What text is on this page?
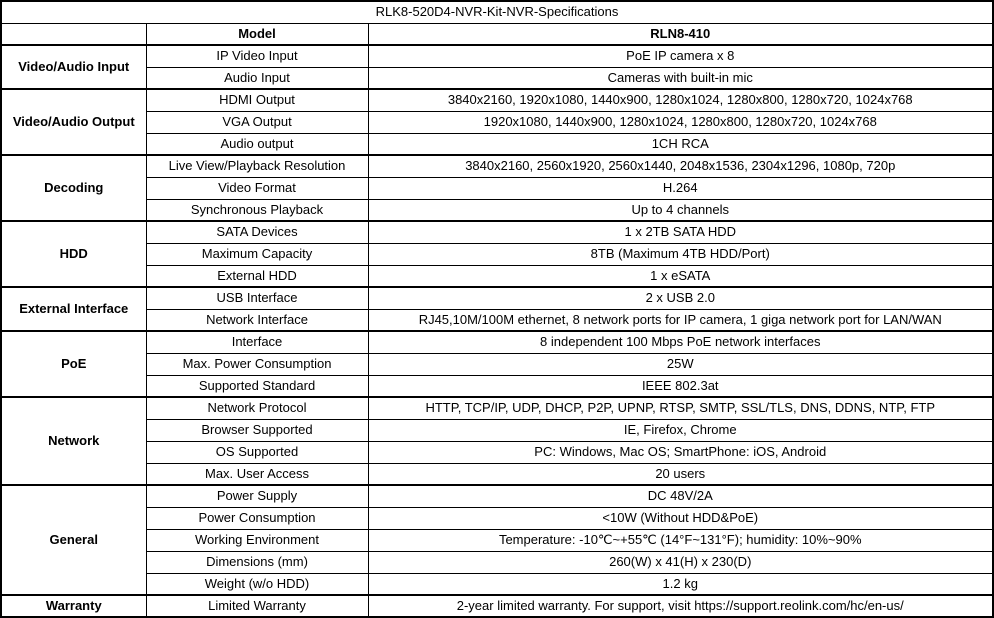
RLK8-520D4-NVR-Kit-NVR-Specifications		
	Model	RLN8-410
Video/Audio Input	IP Video Input	PoE IP camera x 8
	Audio Input	Cameras with built-in mic
Video/Audio Output	HDMI Output	3840x2160, 1920x1080, 1440x900, 1280x1024, 1280x800, 1280x720, 1024x768
	VGA Output	1920x1080, 1440x900, 1280x1024, 1280x800, 1280x720, 1024x768
	Audio output	1CH RCA
Decoding	Live View/Playback Resolution	3840x2160, 2560x1920, 2560x1440, 2048x1536, 2304x1296, 1080p, 720p
	Video Format	H.264
	Synchronous Playback	Up to 4 channels
HDD	SATA Devices	1 x 2TB SATA HDD
	Maximum Capacity	8TB (Maximum 4TB HDD/Port)
	External HDD	1 x eSATA
External Interface	USB Interface	2 x USB 2.0
	Network Interface	RJ45,10M/100M ethernet, 8 network ports for IP camera, 1 giga network port for LAN/WAN
PoE	Interface	8 independent 100 Mbps PoE network interfaces
	Max. Power Consumption	25W
	Supported Standard	IEEE 802.3at
Network	Network Protocol	HTTP, TCP/IP, UDP, DHCP, P2P, UPNP, RTSP, SMTP, SSL/TLS, DNS, DDNS, NTP, FTP
	Browser Supported	IE, Firefox, Chrome
	OS Supported	PC: Windows, Mac OS; SmartPhone: iOS, Android
	Max. User Access	20 users
General	Power Supply	DC 48V/2A
	Power Consumption	<10W (Without HDD&PoE)
	Working Environment	Temperature: -10℃~+55℃ (14°F~131°F); humidity: 10%~90%
	Dimensions (mm)	260(W) x 41(H) x 230(D)
	Weight (w/o HDD)	1.2 kg
Warranty	Limited Warranty	2-year limited warranty. For support, visit https://support.reolink.com/hc/en-us/
